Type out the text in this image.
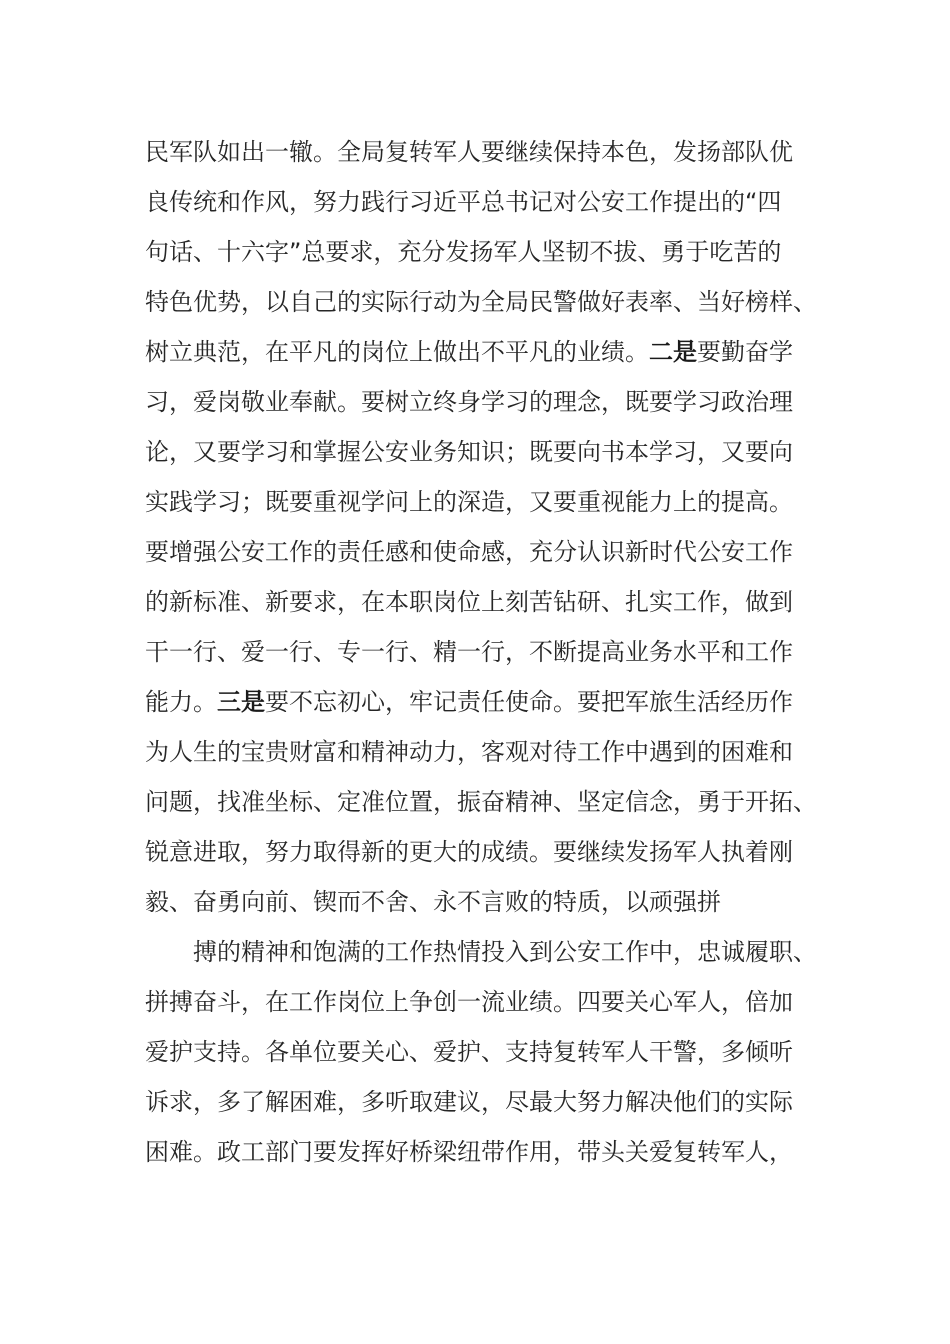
民军队如出一辙。全局复转军人要继续保持本色，发扬部队优
良传统和作风，努力践行习近平总书记对公安工作提出的“四
句话、十六字”总要求，充分发扬军人坚韧不拔、勇于吃苦的
特色优势，以自己的实际行动为全局民警做好表率、当好榜样、
树立典范，在平凡的岗位上做出不平凡的业绩。二是要勤奋学
习，爱岗敬业奉献。要树立终身学习的理念，既要学习政治理
论，又要学习和掌握公安业务知识；既要向书本学习，又要向
实践学习；既要重视学问上的深造，又要重视能力上的提高。
要增强公安工作的责任感和使命感，充分认识新时代公安工作
的新标准、新要求，在本职岗位上刻苦钻研、扎实工作，做到
干一行、爱一行、专一行、精一行，不断提高业务水平和工作
能力。三是要不忘初心，牢记责任使命。要把军旅生活经历作
为人生的宝贵财富和精神动力，客观对待工作中遇到的困难和
问题，找准坐标、定准位置，振奋精神、坚定信念，勇于开拓、
锐意进取，努力取得新的更大的成绩。要继续发扬军人执着刚
毅、奋勇向前、锲而不舍、永不言败的特质，以顽强拼
搏的精神和饱满的工作热情投入到公安工作中，忠诚履职、
拼搏奋斗，在工作岗位上争创一流业绩。四要关心军人，倍加
爱护支持。各单位要关心、爱护、支持复转军人干警，多倾听
诉求，多了解困难，多听取建议，尽最大努力解决他们的实际
困难。政工部门要发挥好桥梁纽带作用，带头关爱复转军人，
